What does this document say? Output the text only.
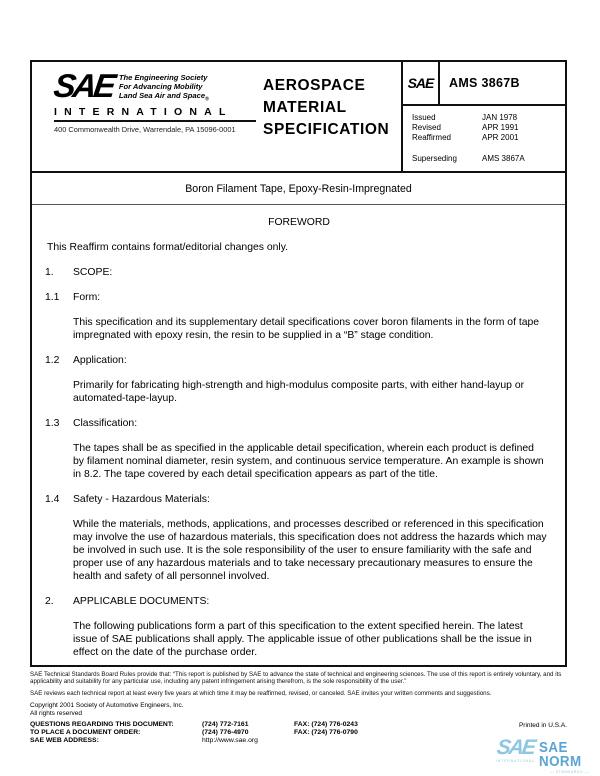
SAE The Engineering Society
For Advancing Mobility
Land Sea Air and Space$_®$
INTERNATIONAL
400 Commonwealth Drive, Warrendale, PA 15096-0001
AEROSPACE
MATERIAL
SPECIFICATION
SAE	AMS 3867B
Issued	JAN 1978
Revised	APR 1991
Reaffirmed	APR 2001
Superseding	AMS 3867A
Boron Filament Tape, Epoxy-Resin-Impregnated
FOREWORD

This Reaffirm contains format/editorial changes only.

1.	SCOPE:
1.1	Form:

This specification and its supplementary detail specifications cover boron filaments in the form of tape impregnated with epoxy resin, the resin to be supplied in a “B” stage condition.

1.2	Application:

Primarily for fabricating high-strength and high-modulus composite parts, with either hand-layup or automated-tape-layup.

1.3	Classification:

The tapes shall be as specified in the applicable detail specification, wherein each product is defined by filament nominal diameter, resin system, and continuous service temperature. An example is shown in 8.2. The tape covered by each detail specification appears as part of the title.

1.4	Safety - Hazardous Materials:

While the materials, methods, applications, and processes described or referenced in this specification may involve the use of hazardous materials, this specification does not address the hazards which may be involved in such use. It is the sole responsibility of the user to ensure familiarity with the safe and proper use of any hazardous materials and to take necessary precautionary measures to ensure the health and safety of all personnel involved.

2.	APPLICABLE DOCUMENTS:

The following publications form a part of this specification to the extent specified herein. The latest issue of SAE publications shall apply. The applicable issue of other publications shall be the issue in effect on the date of the purchase order.

SAE Technical Standards Board Rules provide that: “This report is published by SAE to advance the state of technical and engineering sciences. The use of this report is entirely voluntary, and its applicability and suitability for any particular use, including any patent infringement arising therefrom, is the sole responsibility of the user.”

SAE reviews each technical report at least every five years at which time it may be reaffirmed, revised, or canceled. SAE invites your written comments and suggestions.

Copyright 2001 Society of Automotive Engineers, Inc.
All rights reserved
Printed in U.S.A.
QUESTIONS REGARDING THIS DOCUMENT:	(724) 772-7161	FAX: (724) 776-0243
TO PLACE A DOCUMENT ORDER:	(724) 776-4970	FAX: (724) 776-0790
SAE WEB ADDRESS:	http://www.sae.org	SAE
INTERNATIONAL
SAE NORM
— STANDARDS —
